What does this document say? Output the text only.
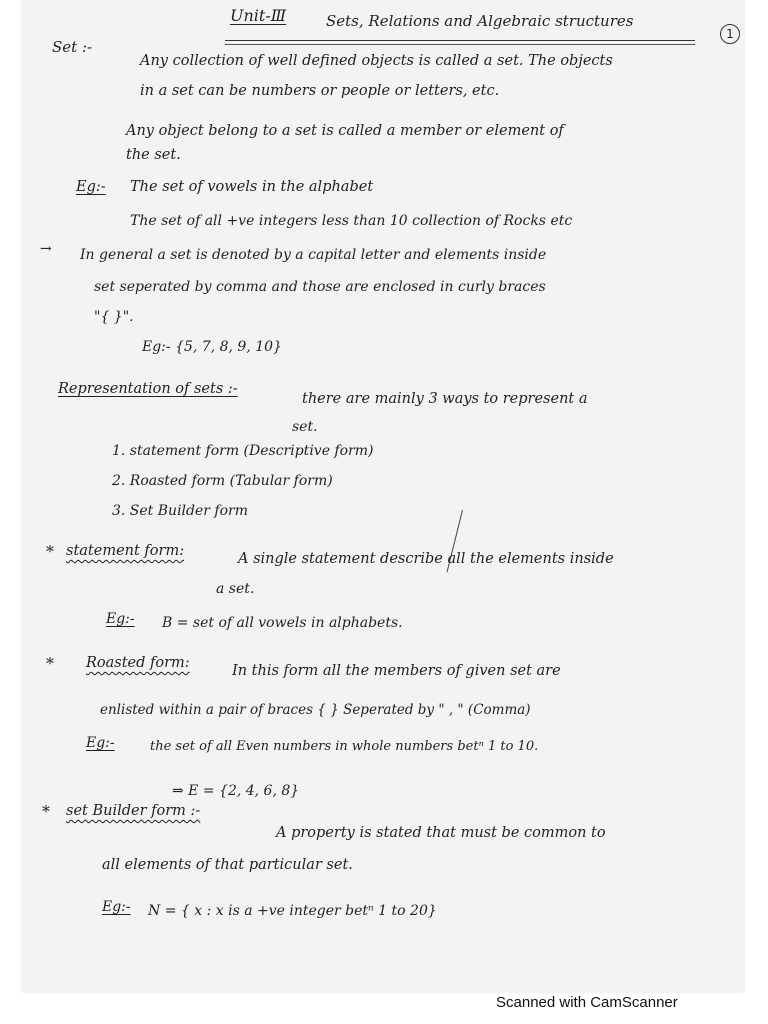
Unit-Ⅲ	Sets, Relations and Algebraic structures
1
Set :-
Any collection of well defined objects is called a set. The objects
in a set can be numbers or people or letters, etc.
Any object belong to a set is called a member or element of
the set.
Eg:- The set of vowels in the alphabet
The set of all +ve integers less than 10 collection of Rocks etc
→ In general a set is denoted by a capital letter and elements inside
set seperated by comma and those are enclosed in curly braces
"{ }".
Eg:- {5, 7, 8, 9, 10}
Representation of sets :-
there are mainly 3 ways to represent a
set.
1. statement form (Descriptive form)
2. Roasted form (Tabular form)
3. Set Builder form
* statement form:	A single statement describe all the elements inside
a set.
Eg:- B = set of all vowels in alphabets.
* Roasted form:	In this form all the members of given set are
enlisted within a pair of braces { } Seperated by " , " (Comma)
Eg:-	the set of all Even numbers in whole numbers betⁿ 1 to 10.
⇒ E = {2, 4, 6, 8}
* set Builder form :-
A property is stated that must be common to
all elements of that particular set.
Eg:- N = { x : x is a +ve integer betⁿ 1 to 20}
Scanned with CamScanner
